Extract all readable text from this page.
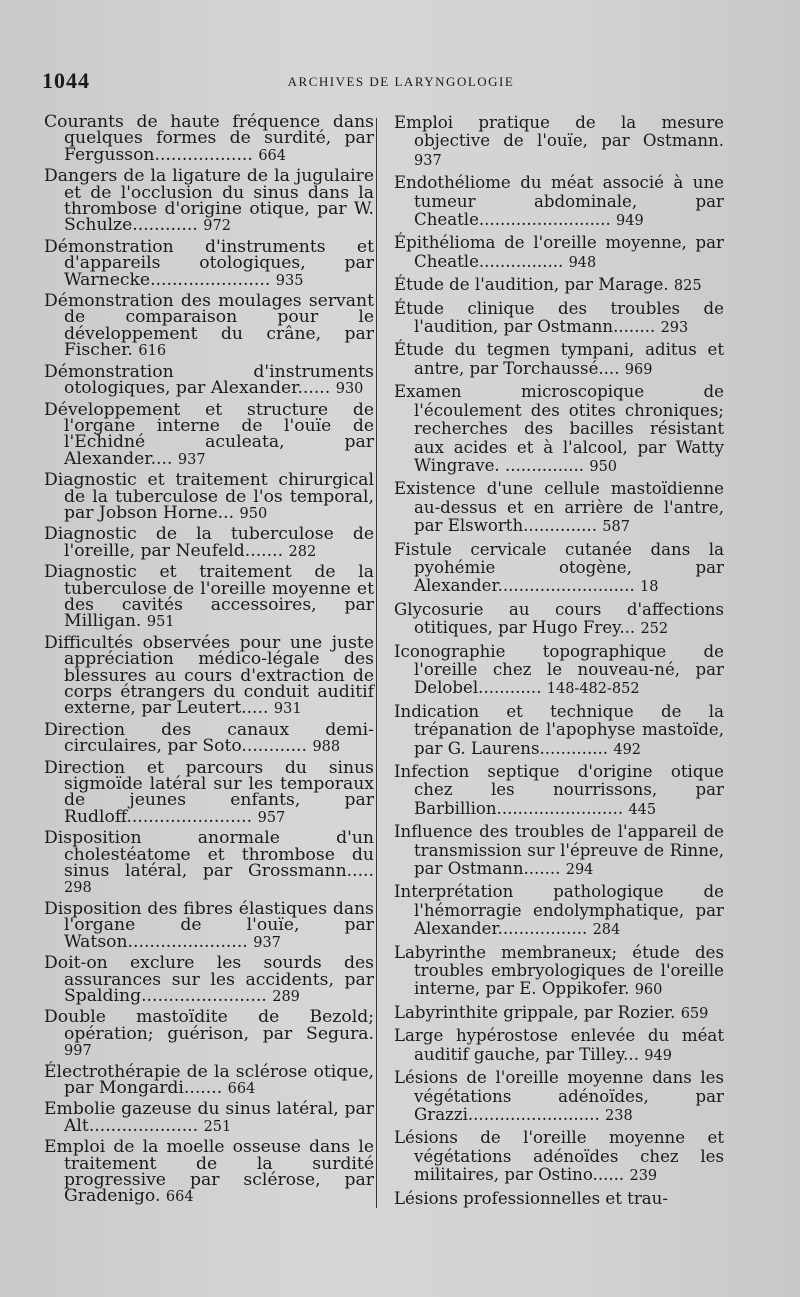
1044	ARCHIVES DE LARYNGOLOGIE

Courants de haute fréquence dans quelques formes de surdité, par Fergusson.................. 664

Dangers de la ligature de la jugulaire et de l'occlusion du sinus dans la thrombose d'origine otique, par W. Schulze............ 972

Démonstration d'instruments et d'appareils otologiques, par Warnecke...................... 935

Démonstration des moulages servant de comparaison pour le développement du crâne, par Fischer. 616

Démonstration d'instruments otologiques, par Alexander...... 930

Développement et structure de l'organe interne de l'ouïe de l'Echidné aculeata, par Alexander.... 937

Diagnostic et traitement chirurgical de la tuberculose de l'os temporal, par Jobson Horne... 950

Diagnostic de la tuberculose de l'oreille, par Neufeld....... 282

Diagnostic et traitement de la tuberculose de l'oreille moyenne et des cavités accessoires, par Milligan. 951

Difficultés observées pour une juste appréciation médico-légale des blessures au cours d'extraction de corps étrangers du conduit auditif externe, par Leutert..... 931

Direction des canaux demi-circulaires, par Soto............ 988

Direction et parcours du sinus sigmoïde latéral sur les temporaux de jeunes enfants, par Rudloff....................... 957

Disposition anormale d'un cholestéatome et thrombose du sinus latéral, par Grossmann..... 298

Disposition des fibres élastiques dans l'organe de l'ouïe, par Watson...................... 937

Doit-on exclure les sourds des assurances sur les accidents, par Spalding....................... 289

Double mastoïdite de Bezold; opération; guérison, par Segura. 997

Électrothérapie de la sclérose otique, par Mongardi....... 664

Embolie gazeuse du sinus latéral, par Alt.................... 251

Emploi de la moelle osseuse dans le traitement de la surdité progressive par sclérose, par Gradenigo. 664

Emploi pratique de la mesure objective de l'ouïe, par Ostmann. 937

Endothéliome du méat associé à une tumeur abdominale, par Cheatle......................... 949

Épithélioma de l'oreille moyenne, par Cheatle................ 948

Étude de l'audition, par Marage. 825

Étude clinique des troubles de l'audition, par Ostmann........ 293

Étude du tegmen tympani, aditus et antre, par Torchaussé.... 969

Examen microscopique de l'écoulement des otites chroniques; recherches des bacilles résistant aux acides et à l'alcool, par Watty Wingrave. ............... 950

Existence d'une cellule mastoïdienne au-dessus et en arrière de l'antre, par Elsworth.............. 587

Fistule cervicale cutanée dans la pyohémie otogène, par Alexander.......................... 18

Glycosurie au cours d'affections otitiques, par Hugo Frey... 252

Iconographie topographique de l'oreille chez le nouveau-né, par Delobel............ 148-482-852

Indication et technique de la trépanation de l'apophyse mastoïde, par G. Laurens............. 492

Infection septique d'origine otique chez les nourrissons, par Barbillion........................ 445

Influence des troubles de l'appareil de transmission sur l'épreuve de Rinne, par Ostmann....... 294

Interprétation pathologique de l'hémorragie endolymphatique, par Alexander................. 284

Labyrinthe membraneux; étude des troubles embryologiques de l'oreille interne, par E. Oppikofer. 960

Labyrinthite grippale, par Rozier. 659

Large hypérostose enlevée du méat auditif gauche, par Tilley... 949

Lésions de l'oreille moyenne dans les végétations adénoïdes, par Grazzi......................... 238

Lésions de l'oreille moyenne et végétations adénoïdes chez les militaires, par Ostino...... 239

Lésions professionnelles et trau-
